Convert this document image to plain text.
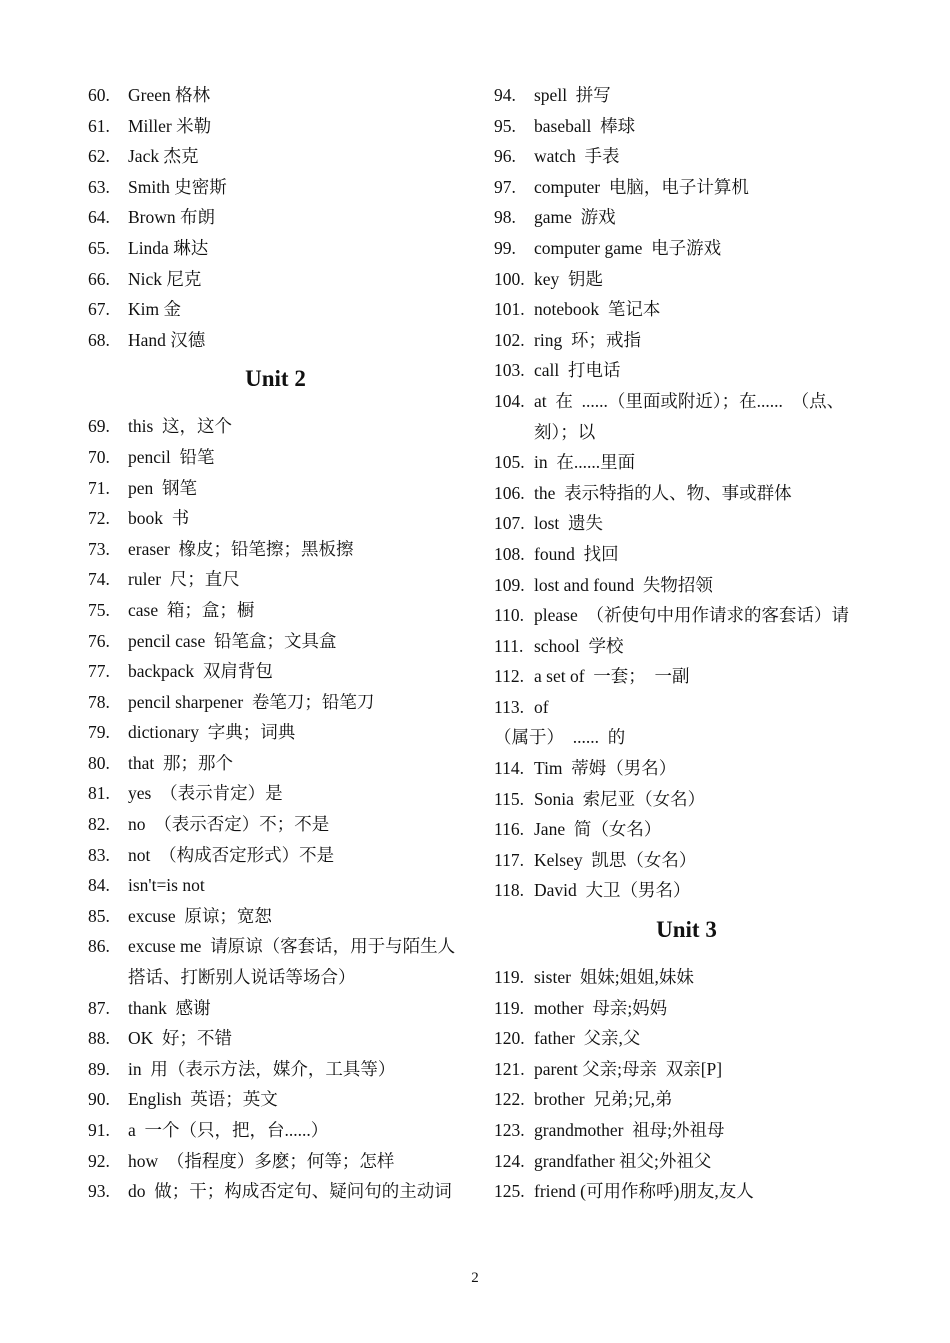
60.	Green 格林
61.	Miller 米勒
62.	Jack 杰克
63.	Smith 史密斯
64.	Brown 布朗
65.	Linda 琳达
66.	Nick 尼克
67.	Kim 金
68.	Hand 汉德
Unit 2
69.	this  这，这个
70.	pencil  铅笔
71.	pen  钢笔
72.	book  书
73.	eraser  橡皮；铅笔擦；黑板擦
74.	ruler  尺；直尺
75.	case  箱；盒；橱
76.	pencil case  铅笔盒；文具盒
77.	backpack  双肩背包
78.	pencil sharpener  卷笔刀；铅笔刀
79.	dictionary  字典；词典
80.	that  那；那个
81.	yes  （表示肯定）是
82.	no  （表示否定）不；不是
83.	not  （构成否定形式）不是
84.	isn't=is not
85.	excuse  原谅；宽恕
86.	excuse me  请原谅（客套话，用于与陌生人搭话、打断别人说话等场合）
87.	thank  感谢
88.	OK  好；不错
89.	in  用（表示方法，媒介，工具等）
90.	English  英语；英文
91.	a  一个（只，把，台......）
92.	how  （指程度）多麽；何等；怎样
93.	do  做；干；构成否定句、疑问句的主动词
94.	spell  拼写
95.	baseball  棒球
96.	watch  手表
97.	computer  电脑，电子计算机
98.	game  游戏
99.	computer game  电子游戏
100. key  钥匙
101. notebook  笔记本
102. ring  环；戒指
103. call  打电话
104. at  在  ......（里面或附近）；在......  （点、刻）；以
105. in  在......里面
106. the  表示特指的人、物、事或群体
107. lost  遗失
108. found  找回
109. lost and found  失物招领
110. please  （祈使句中用作请求的客套话）请
111. school  学校
112. a set of  一套；  一副
113. of
（属于）  ......  的
114. Tim  蒂姆（男名）
115. Sonia  索尼亚（女名）
116. Jane  简（女名）
117. Kelsey  凯思（女名）
118. David  大卫（男名）
Unit 3
119. sister  姐妹;姐姐,妹妹
119. mother  母亲;妈妈
120. father  父亲,父
121. parent 父亲;母亲  双亲[P]
122. brother  兄弟;兄,弟
123. grandmother  祖母;外祖母
124. grandfather 祖父;外祖父
125. friend (可用作称呼)朋友,友人
2
